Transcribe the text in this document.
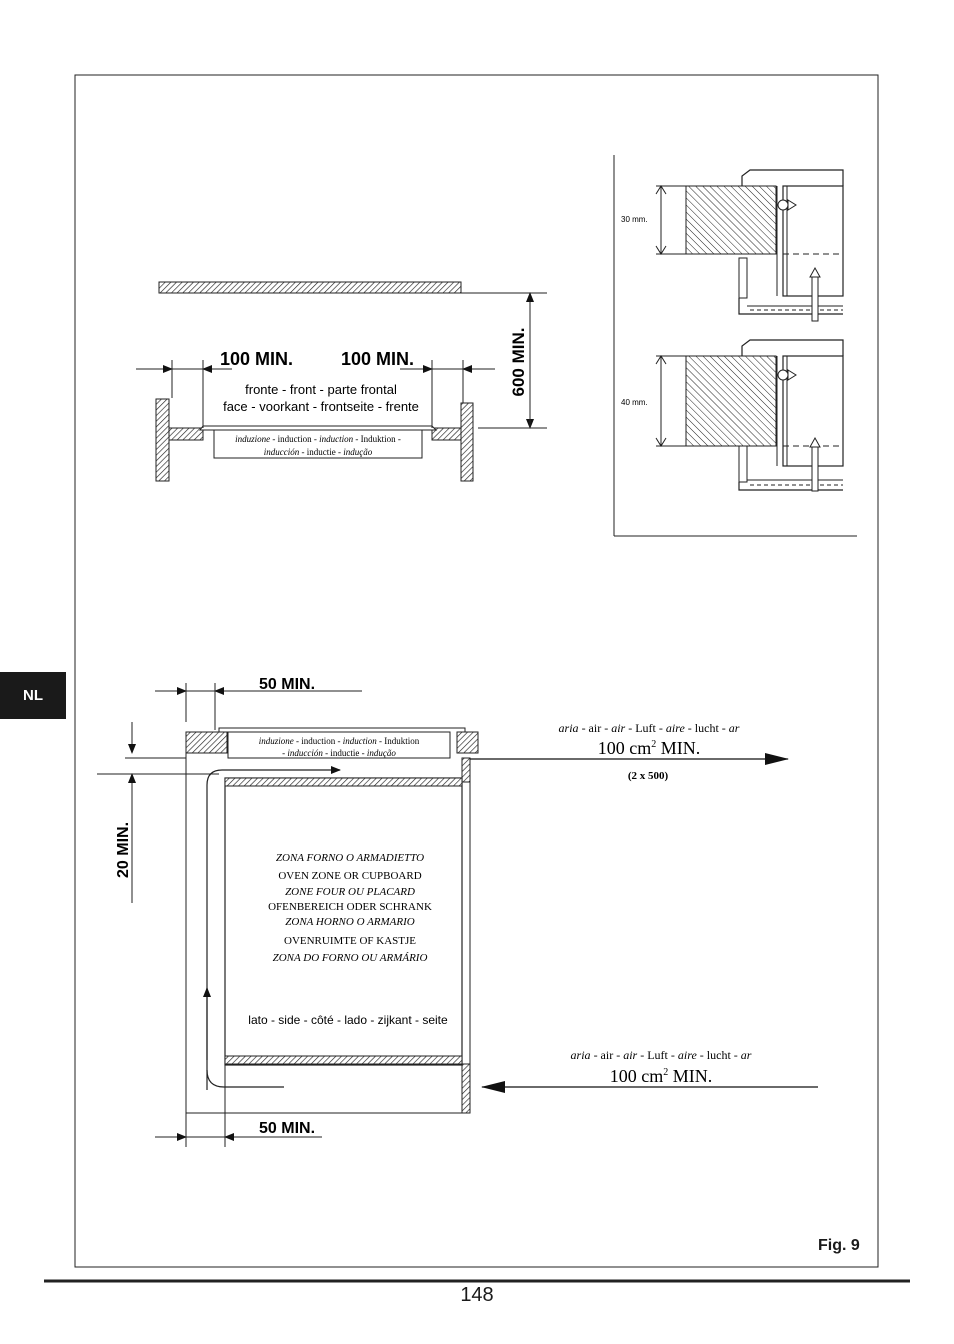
600 MIN.
induzione - induction - induction - Induktion -
inducción - inductie - indução
100 MIN.	100 MIN.
fronte - front - parte frontal
face - voorkant - frontseite - frente
30 mm.
40 mm.
50 MIN.
induzione - induction - induction - Induktion
- inducción - inductie - indução
20 MIN.	ZONA FORNO O ARMADIETTO
OVEN ZONE OR CUPBOARD
ZONE FOUR OU PLACARD
OFENBEREICH ODER SCHRANK
ZONA HORNO O ARMARIO
OVENRUIMTE OF KASTJE
ZONA DO FORNO OU ARMÁRIO
lato - side - côté - lado - zijkant - seite
aria - air - air - Luft - aire - lucht - ar
100 $cm^2$ MIN.
(2 x 500)
aria - air - air - Luft - aire - lucht - ar
100 $cm^2$ MIN.
50 MIN.
NL
Fig. 9
148
